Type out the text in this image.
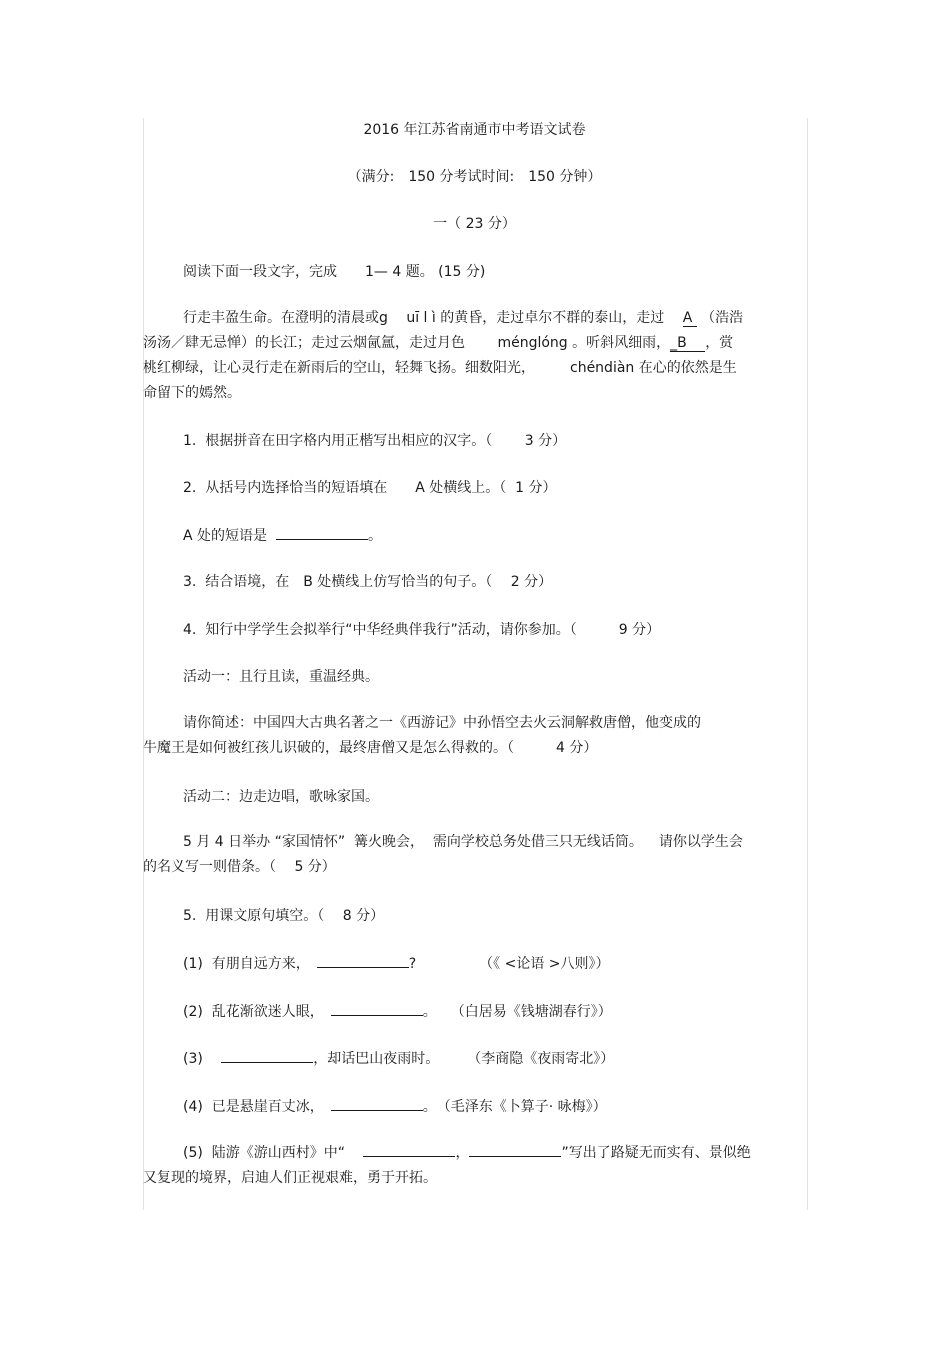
2016 年江苏省南通市中考语文试卷
（满分:　150 分考试时间:　150 分钟）
一（ 23 分）
阅读下面一段文字，完成　　1— 4 题。 (15 分)
行走丰盈生命。在澄明的清晨或g　 uī l ì 的黄昏，走过卓尔不群的泰山，走过　 A  （浩浩
汤汤／肆无忌惮）的长江；走过云烟氤氲，走过月色　　 ménglóng 。听斜风细雨，_B　 ，赏
桃红柳绿，让心灵行走在新雨后的空山，轻舞飞扬。细数阳光，　　　chéndiàn 在心的依然是生
命留下的嫣然。
1.  根据拼音在田字格内用正楷写出相应的汉字。（　　 3 分）
2.  从括号内选择恰当的短语填在　　A 处横线上。（  1 分）
A 处的短语是	。
3.  结合语境，在　B 处横线上仿写恰当的句子。（　 2 分）
4.  知行中学学生会拟举行“中华经典伴我行”活动，请你参加。（　　　9 分）
活动一：且行且读，重温经典。
请你简述：中国四大古典名著之一《西游记》中孙悟空去火云洞解救唐僧，他变成的
牛魔王是如何被红孩儿识破的，最终唐僧又是怎么得救的。（　　　4 分）
活动二：边走边唱，歌咏家国。
5 月 4 日举办 “家国情怀”  篝火晚会，  需向学校总务处借三只无线话筒。　  请你以学生会
的名义写一则借条。（　 5 分）
5.  用课文原句填空。（　 8 分）
(1)  有朋自远方来，　	?　　　　　（《 <论语 >八则》）
(2)  乱花渐欲迷人眼，　	。　　（白居易《钱塘湖春行》）
(3)　	，却话巴山夜雨时。　　　（李商隐《夜雨寄北》）
(4)  已是悬崖百丈冰，　	。　（毛泽东《卜算子· 咏梅》）
(5)  陆游《游山西村》中“　	，	”写出了路疑无而实有、景似绝
又复现的境界，启迪人们正视艰难，勇于开拓。
